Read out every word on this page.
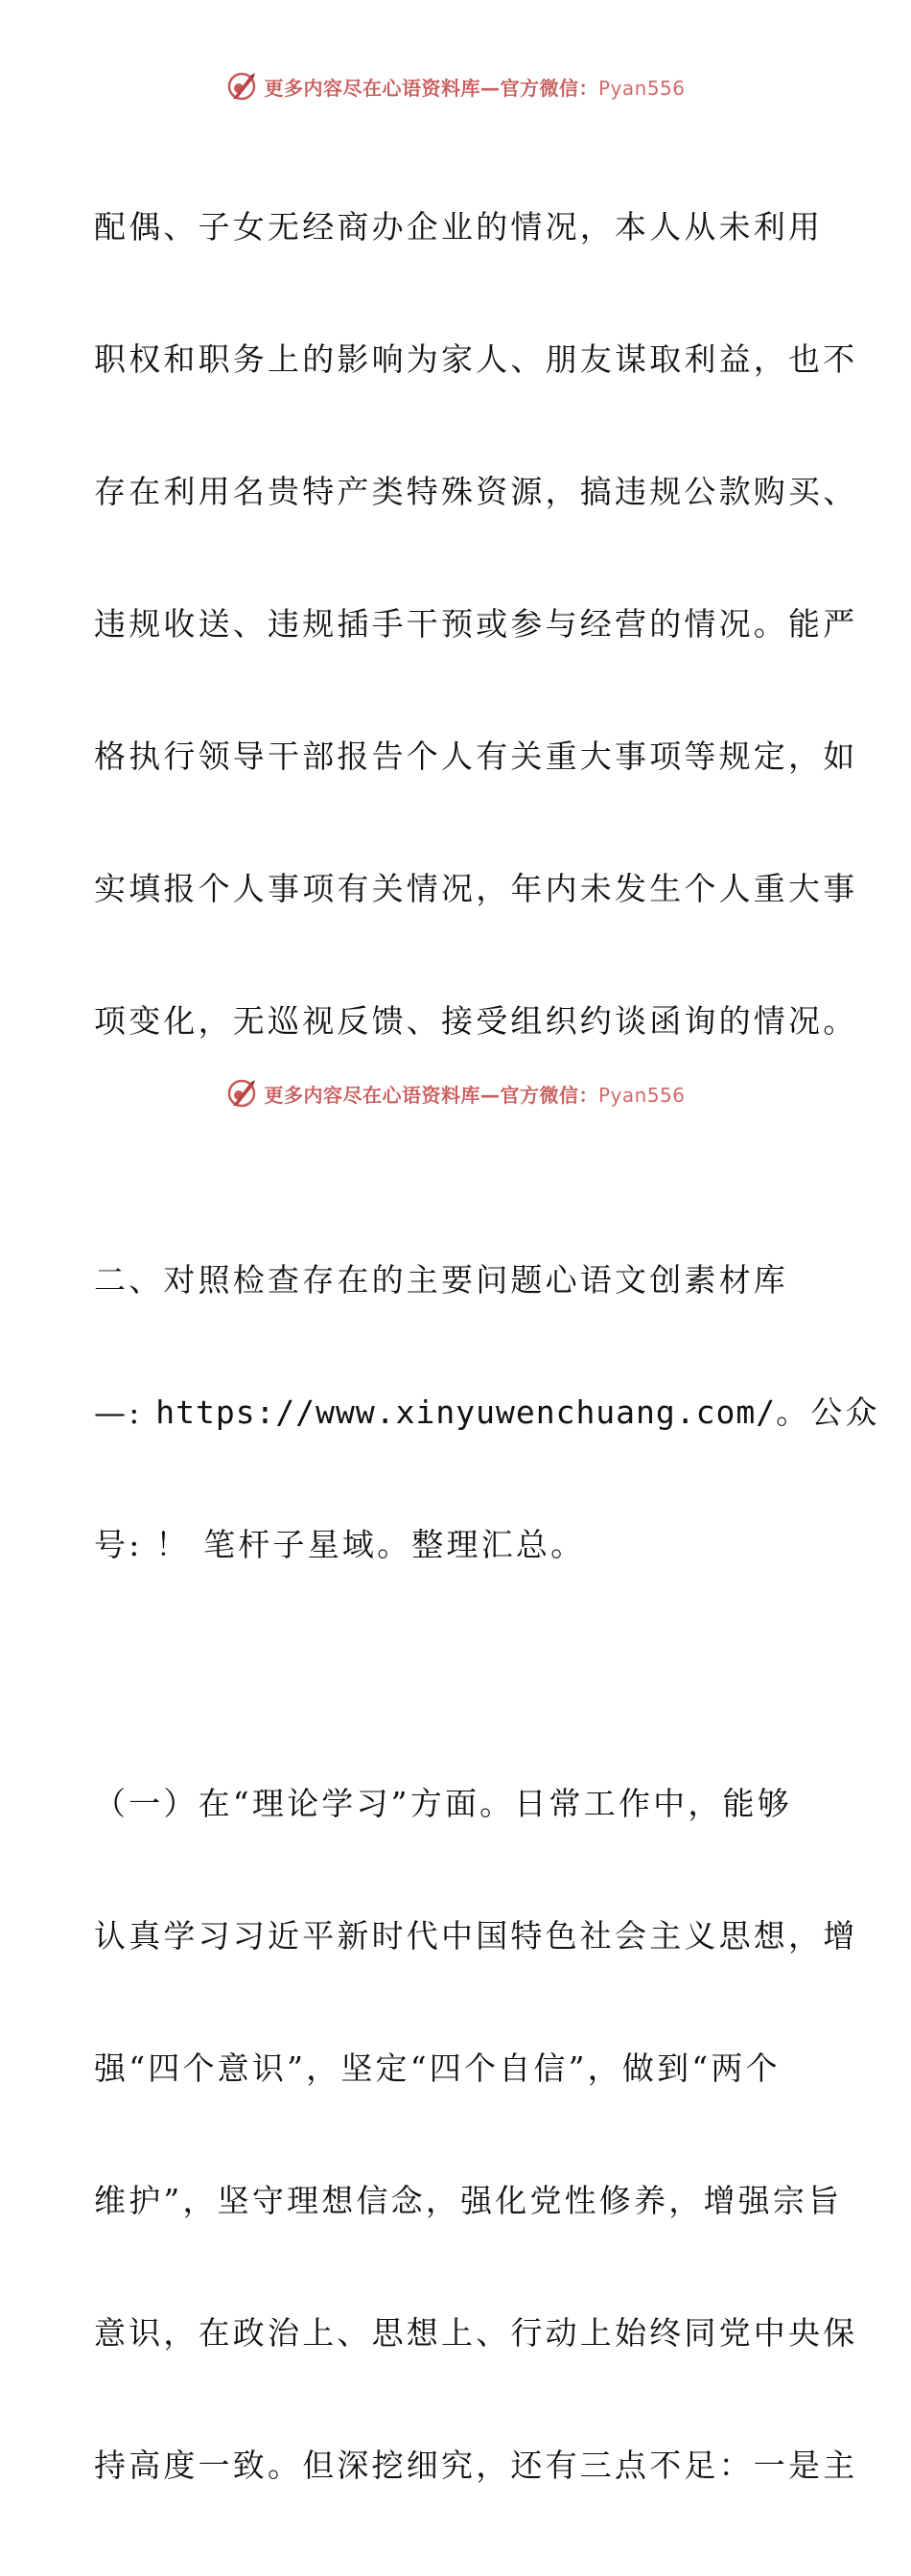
更多内容尽在心语资料库—官方微信：Pyan556

配偶、子女无经商办企业的情况，本人从未利用

职权和职务上的影响为家人、朋友谋取利益，也不

存在利用名贵特产类特殊资源，搞违规公款购买、

违规收送、违规插手干预或参与经营的情况。能严

格执行领导干部报告个人有关重大事项等规定，如

实填报个人事项有关情况，年内未发生个人重大事

项变化，无巡视反馈、接受组织约谈函询的情况。

二、对照检查存在的主要问题心语文创素材库

—: https://www.xinyuwenchuang.com/。公众

号: ！ 笔杆子星域。整理汇总。

（一）在“理论学习”方面。日常工作中，能够

认真学习习近平新时代中国特色社会主义思想，增

强“四个意识”，坚定“四个自信”，做到“两个

维护”，坚守理想信念，强化党性修养，增强宗旨

意识，在政治上、思想上、行动上始终同党中央保

持高度一致。但深挖细究，还有三点不足：一是主

更多内容尽在心语资料库—官方微信：Pyan556
